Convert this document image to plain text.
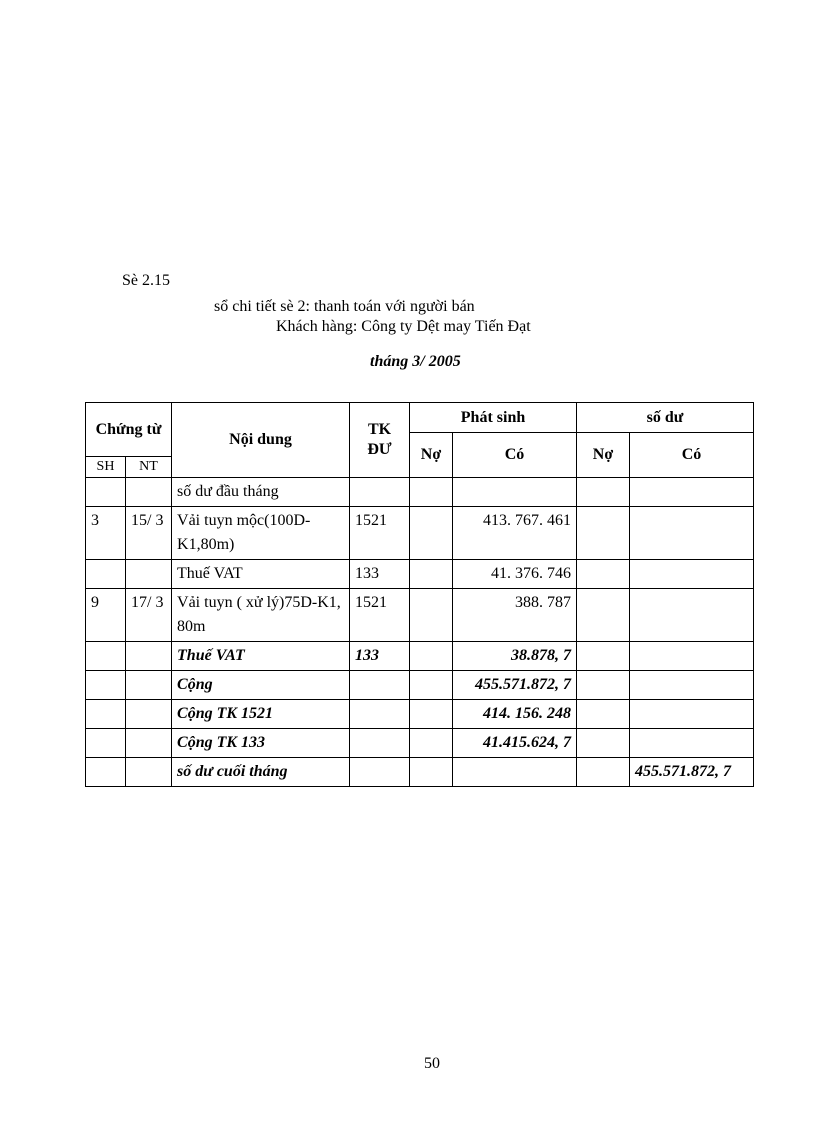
Sè 2.15
sổ chi tiết sè 2: thanh toán với người bán
Khách hàng: Công ty Dệt may Tiến Đạt
tháng 3/ 2005
Chứng từ		Nội dung	TK ĐƯ	Phát sinh		số dư	
				Nợ	Có	Nợ	Có
SH	NT						
		số dư đầu tháng					
3	15/ 3	Vải tuyn mộc(100D-K1,80m)	1521		413. 767. 461		
		Thuế VAT	133		41. 376. 746		
9	17/ 3	Vải tuyn ( xử lý)75D-K1, 80m	1521		388. 787		
		Thuế VAT	133		38.878, 7		
		Cộng			455.571.872, 7		
		Cộng TK 1521			414. 156. 248		
		Cộng TK 133			41.415.624, 7		
		số dư cuối tháng					455.571.872, 7
50
